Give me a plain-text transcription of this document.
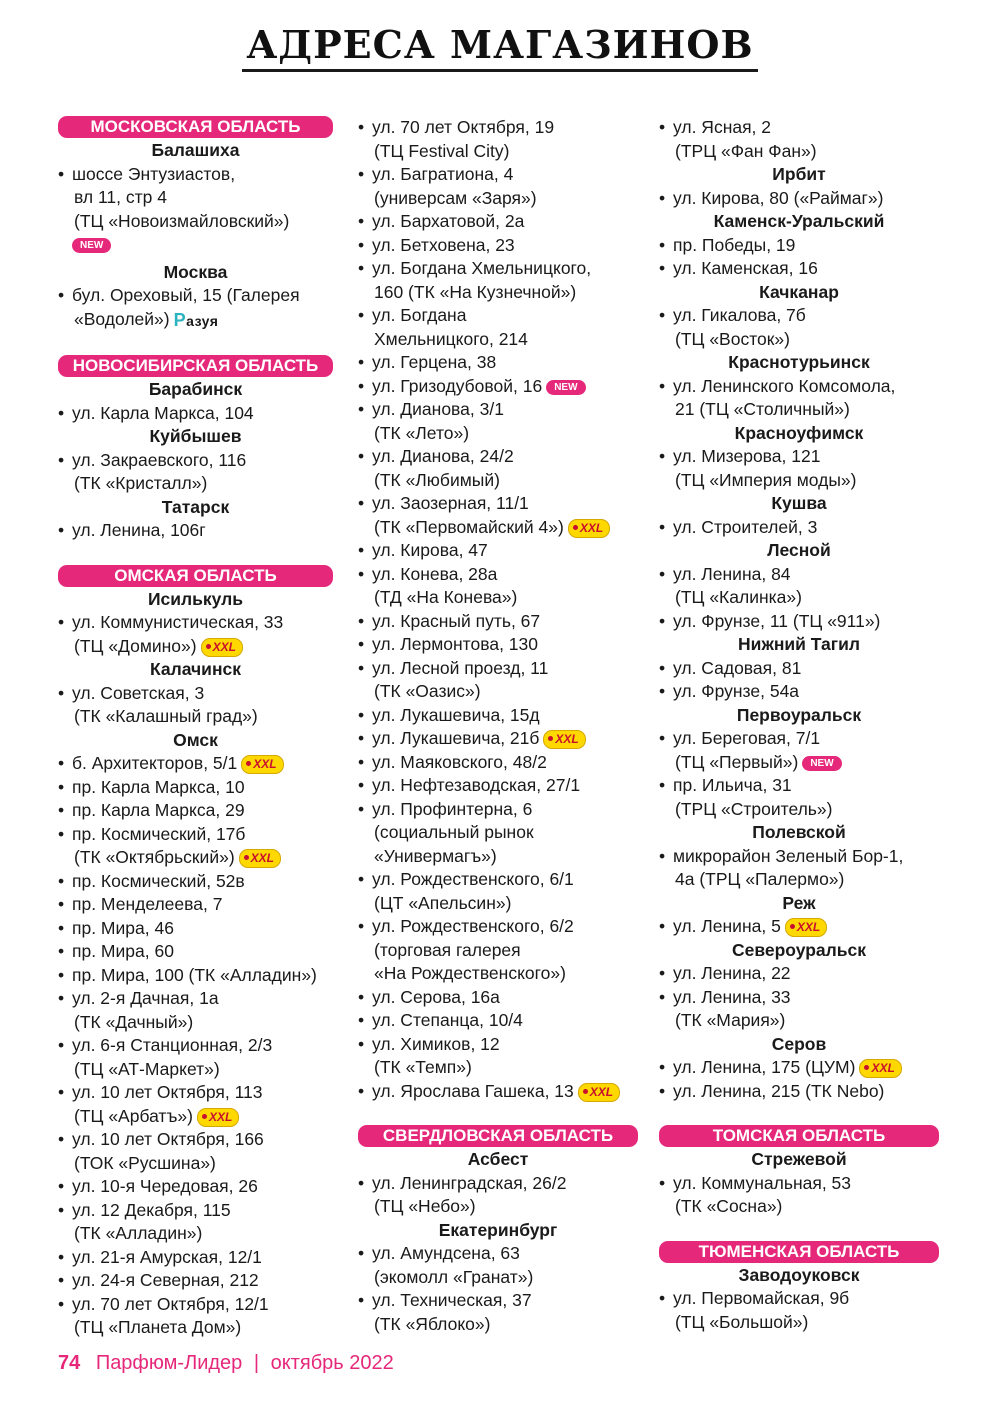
АДРЕСА МАГАЗИНОВ
МОСКОВСКАЯ ОБЛАСТЬ
Балашиха
• шоссе Энтузиастов,
вл 11, стр 4
(ТЦ «Новоизмайловский»)
NEW
Москва
• бул. Ореховый, 15 (Галерея
«Водолей») Разуя
НОВОСИБИРСКАЯ ОБЛАСТЬ
Барабинск
• ул. Карла Маркса, 104
Куйбышев
• ул. Закраевского, 116
(ТК «Кристалл»)
Татарск
• ул. Ленина, 106г
ОМСКАЯ ОБЛАСТЬ
Исилькуль
• ул. Коммунистическая, 33
(ТЦ «Домино») XXL
Калачинск
• ул. Советская, 3
(ТК «Калашный град»)
Омск
• б. Архитекторов, 5/1 XXL
• пр. Карла Маркса, 10
• пр. Карла Маркса, 29
• пр. Космический, 17б
(ТК «Октябрьский») XXL
• пр. Космический, 52в
• пр. Менделеева, 7
• пр. Мира, 46
• пр. Мира, 60
• пр. Мира, 100 (ТК «Алладин»)
• ул. 2-я Дачная, 1а
(ТК «Дачный»)
• ул. 6-я Станционная, 2/3
(ТЦ «АТ-Маркет»)
• ул. 10 лет Октября, 113
(ТЦ «Арбатъ») XXL
• ул. 10 лет Октября, 166
(ТОК «Русшина»)
• ул. 10-я Чередовая, 26
• ул. 12 Декабря, 115
(ТК «Алладин»)
• ул. 21-я Амурская, 12/1
• ул. 24-я Северная, 212
• ул. 70 лет Октября, 12/1
(ТЦ «Планета Дом»)
• ул. 70 лет Октября, 19
(ТЦ Festival City)
• ул. Багратиона, 4
(универсам «Заря»)
• ул. Бархатовой, 2а
• ул. Бетховена, 23
• ул. Богдана Хмельницкого,
160 (ТК «На Кузнечной»)
• ул. Богдана
Хмельницкого, 214
• ул. Герцена, 38
• ул. Гризодубовой, 16 NEW
• ул. Дианова, 3/1
(ТК «Лето»)
• ул. Дианова, 24/2
(ТК «Любимый)
• ул. Заозерная, 11/1
(ТК «Первомайский 4») XXL
• ул. Кирова, 47
• ул. Конева, 28а
(ТД «На Конева»)
• ул. Красный путь, 67
• ул. Лермонтова, 130
• ул. Лесной проезд, 11
(ТК «Оазис»)
• ул. Лукашевича, 15д
• ул. Лукашевича, 21б XXL
• ул. Маяковского, 48/2
• ул. Нефтезаводская, 27/1
• ул. Профинтерна, 6
(социальный рынок
«Универмагъ»)
• ул. Рождественского, 6/1
(ЦТ «Апельсин»)
• ул. Рождественского, 6/2
(торговая галерея
«На Рождественского»)
• ул. Серова, 16а
• ул. Степанца, 10/4
• ул. Химиков, 12
(ТК «Темп»)
• ул. Ярослава Гашека, 13 XXL
СВЕРДЛОВСКАЯ ОБЛАСТЬ
Асбест
• ул. Ленинградская, 26/2
(ТЦ «Небо»)
Екатеринбург
• ул. Амундсена, 63
(экомолл «Гранат»)
• ул. Техническая, 37
(ТК «Яблоко»)
• ул. Ясная, 2
(ТРЦ «Фан Фан»)
Ирбит
• ул. Кирова, 80 («Раймаг»)
Каменск-Уральский
• пр. Победы, 19
• ул. Каменская, 16
Качканар
• ул. Гикалова, 7б
(ТЦ «Восток»)
Краснотурьинск
• ул. Ленинского Комсомола,
21 (ТЦ «Столичный»)
Красноуфимск
• ул. Мизерова, 121
(ТЦ «Империя моды»)
Кушва
• ул. Строителей, 3
Лесной
• ул. Ленина, 84
(ТЦ «Калинка»)
• ул. Фрунзе, 11 (ТЦ «911»)
Нижний Тагил
• ул. Садовая, 81
• ул. Фрунзе, 54а
Первоуральск
• ул. Береговая, 7/1
(ТЦ «Первый») NEW
• пр. Ильича, 31
(ТРЦ «Строитель»)
Полевской
• микрорайон Зеленый Бор-1,
4а (ТРЦ «Палермо»)
Реж
• ул. Ленина, 5 XXL
Североуральск
• ул. Ленина, 22
• ул. Ленина, 33
(ТК «Мария»)
Серов
• ул. Ленина, 175 (ЦУМ) XXL
• ул. Ленина, 215 (ТК Nebo)
ТОМСКАЯ ОБЛАСТЬ
Стрежевой
• ул. Коммунальная, 53
(ТК «Сосна»)
ТЮМЕНСКАЯ ОБЛАСТЬ
Заводоуковск
• ул. Первомайская, 9б
(ТЦ «Большой»)
74 Парфюм-Лидер | октябрь 2022
